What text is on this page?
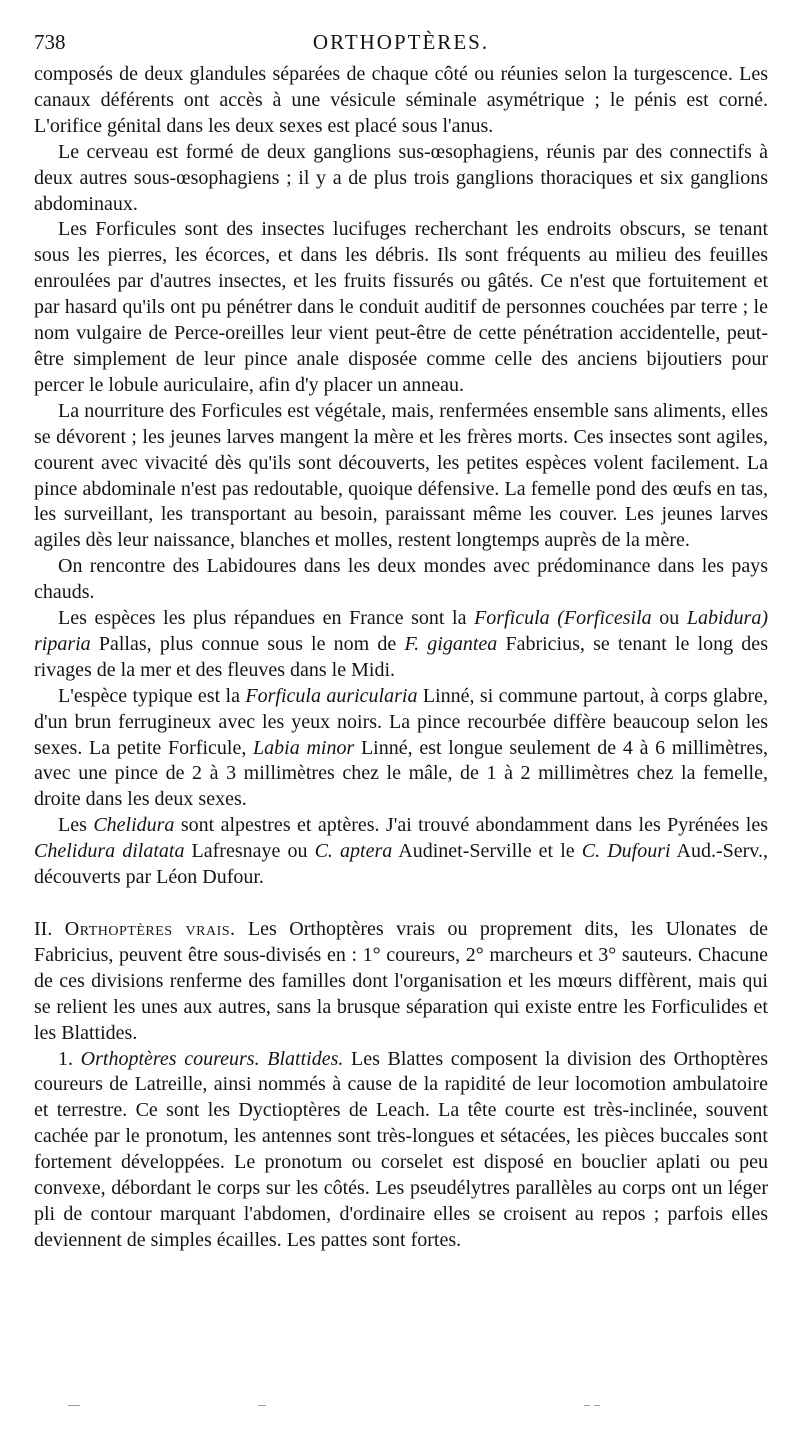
738	ORTHOPTÈRES.

composés de deux glandules séparées de chaque côté ou réunies selon la turgescence. Les canaux déférents ont accès à une vésicule séminale asymétrique ; le pénis est corné. L'orifice génital dans les deux sexes est placé sous l'anus.

Le cerveau est formé de deux ganglions sus-œsophagiens, réunis par des connectifs à deux autres sous-œsophagiens ; il y a de plus trois ganglions thoraciques et six ganglions abdominaux.

Les Forficules sont des insectes lucifuges recherchant les endroits obscurs, se tenant sous les pierres, les écorces, et dans les débris. Ils sont fréquents au milieu des feuilles enroulées par d'autres insectes, et les fruits fissurés ou gâtés. Ce n'est que fortuitement et par hasard qu'ils ont pu pénétrer dans le conduit auditif de personnes couchées par terre ; le nom vulgaire de Perce-oreilles leur vient peut-être de cette pénétration accidentelle, peut-être simplement de leur pince anale disposée comme celle des anciens bijoutiers pour percer le lobule auriculaire, afin d'y placer un anneau.

La nourriture des Forficules est végétale, mais, renfermées ensemble sans aliments, elles se dévorent ; les jeunes larves mangent la mère et les frères morts. Ces insectes sont agiles, courent avec vivacité dès qu'ils sont découverts, les petites espèces volent facilement. La pince abdominale n'est pas redoutable, quoique défensive. La femelle pond des œufs en tas, les surveillant, les transportant au besoin, paraissant même les couver. Les jeunes larves agiles dès leur naissance, blanches et molles, restent longtemps auprès de la mère.

On rencontre des Labidoures dans les deux mondes avec prédominance dans les pays chauds.

Les espèces les plus répandues en France sont la Forficula (Forficesila ou Labidura) riparia Pallas, plus connue sous le nom de F. gigantea Fabricius, se tenant le long des rivages de la mer et des fleuves dans le Midi.

L'espèce typique est la Forficula auricularia Linné, si commune partout, à corps glabre, d'un brun ferrugineux avec les yeux noirs. La pince recourbée diffère beaucoup selon les sexes. La petite Forficule, Labia minor Linné, est longue seulement de 4 à 6 millimètres, avec une pince de 2 à 3 millimètres chez le mâle, de 1 à 2 millimètres chez la femelle, droite dans les deux sexes.

Les Chelidura sont alpestres et aptères. J'ai trouvé abondamment dans les Pyrénées les Chelidura dilatata Lafresnaye ou C. aptera Audinet-Serville et le C. Dufouri Aud.-Serv., découverts par Léon Dufour.

II. Orthoptères vrais. Les Orthoptères vrais ou proprement dits, les Ulonates de Fabricius, peuvent être sous-divisés en : 1° coureurs, 2° marcheurs et 3° sauteurs. Chacune de ces divisions renferme des familles dont l'organisation et les mœurs diffèrent, mais qui se relient les unes aux autres, sans la brusque séparation qui existe entre les Forficulides et les Blattides.

1. Orthoptères coureurs. Blattides. Les Blattes composent la division des Orthoptères coureurs de Latreille, ainsi nommés à cause de la rapidité de leur locomotion ambulatoire et terrestre. Ce sont les Dyctioptères de Leach. La tête courte est très-inclinée, souvent cachée par le pronotum, les antennes sont très-longues et sétacées, les pièces buccales sont fortement développées. Le pronotum ou corselet est disposé en bouclier aplati ou peu convexe, débordant le corps sur les côtés. Les pseudélytres parallèles au corps ont un léger pli de contour marquant l'abdomen, d'ordinaire elles se croisent au repos ; parfois elles deviennent de simples écailles. Les pattes sont fortes.
